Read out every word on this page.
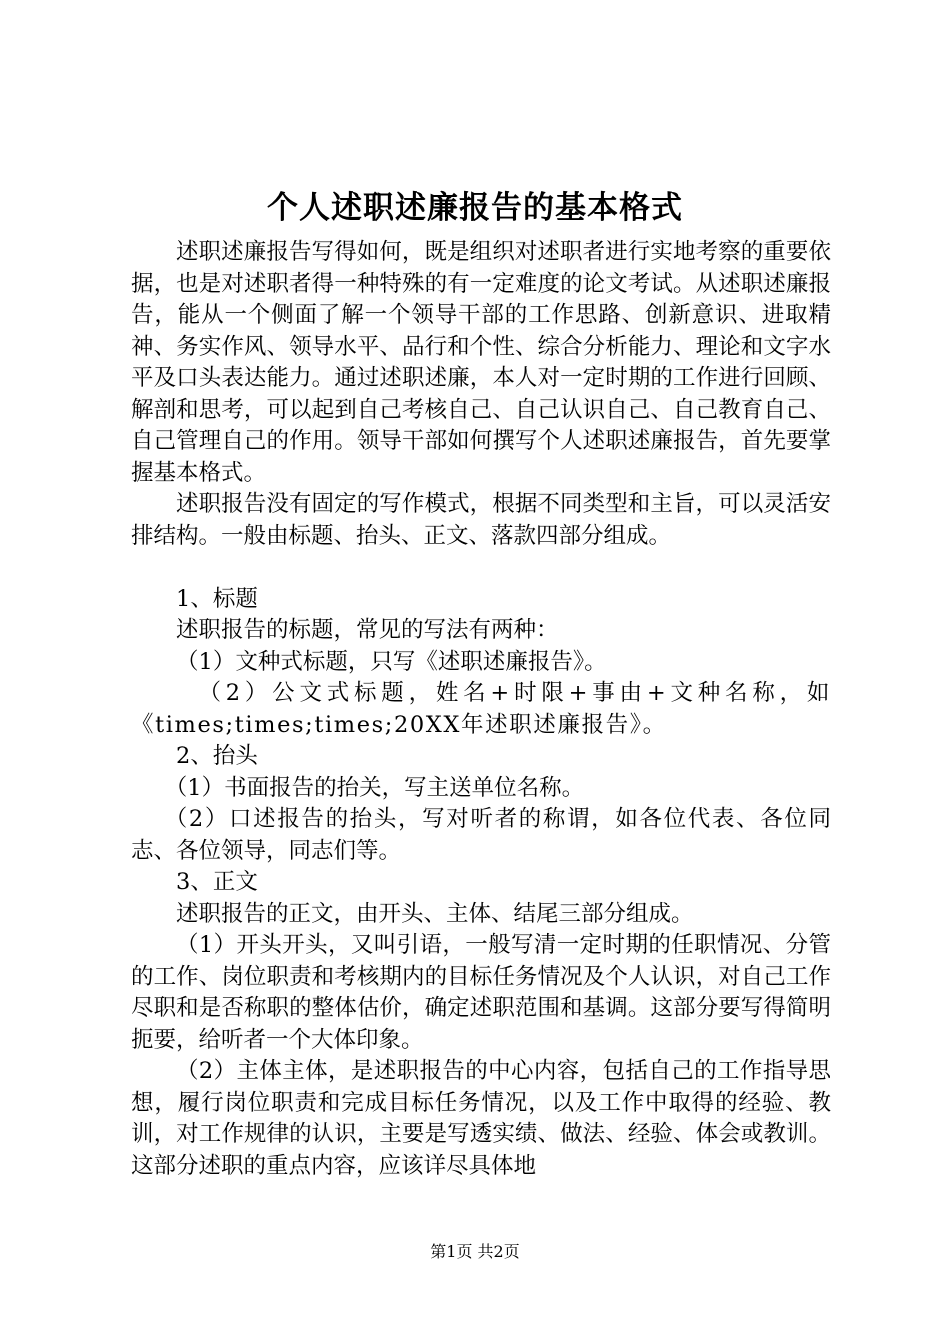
个人述职述廉报告的基本格式

述职述廉报告写得如何，既是组织对述职者进行实地考察的重要依据，也是对述职者得一种特殊的有一定难度的论文考试。从述职述廉报告，能从一个侧面了解一个领导干部的工作思路、创新意识、进取精神、务实作风、领导水平、品行和个性、综合分析能力、理论和文字水平及口头表达能力。通过述职述廉，本人对一定时期的工作进行回顾、解剖和思考，可以起到自己考核自己、自己认识自己、自己教育自己、自己管理自己的作用。领导干部如何撰写个人述职述廉报告，首先要掌握基本格式。

述职报告没有固定的写作模式，根据不同类型和主旨，可以灵活安排结构。一般由标题、抬头、正文、落款四部分组成。

1、标题

述职报告的标题，常见的写法有两种：

（1）文种式标题，只写《述职述廉报告》。

（2）公文式标题，姓名+时限+事由+文种名称，如《times;times;times;20XX年述职述廉报告》。

2、抬头

（1）书面报告的抬关，写主送单位名称。

（2）口述报告的抬头，写对听者的称谓，如各位代表、各位同志、各位领导，同志们等。

3、正文

述职报告的正文，由开头、主体、结尾三部分组成。

（1）开头开头，又叫引语，一般写清一定时期的任职情况、分管的工作、岗位职责和考核期内的目标任务情况及个人认识，对自己工作尽职和是否称职的整体估价，确定述职范围和基调。这部分要写得简明扼要，给听者一个大体印象。

（2）主体主体，是述职报告的中心内容，包括自己的工作指导思想，履行岗位职责和完成目标任务情况，以及工作中取得的经验、教训，对工作规律的认识，主要是写透实绩、做法、经验、体会或教训。这部分述职的重点内容，应该详尽具体地

第1页 共2页
